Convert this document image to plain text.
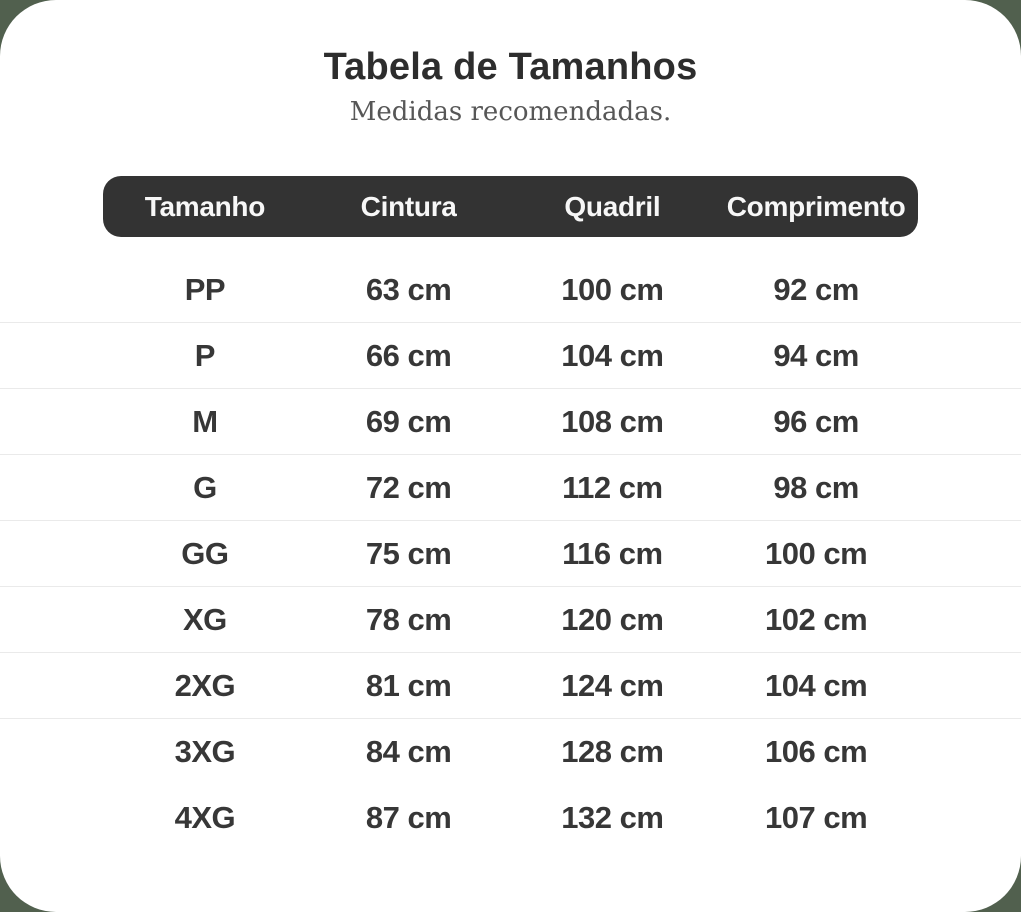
Tabela de Tamanhos

Medidas recomendadas.

Tamanho	Cintura	Quadril	Comprimento
PP	63 cm	100 cm	92 cm
P	66 cm	104 cm	94 cm
M	69 cm	108 cm	96 cm
G	72 cm	112 cm	98 cm
GG	75 cm	116 cm	100 cm
XG	78 cm	120 cm	102 cm
2XG	81 cm	124 cm	104 cm
3XG	84 cm	128 cm	106 cm
4XG	87 cm	132 cm	107 cm
